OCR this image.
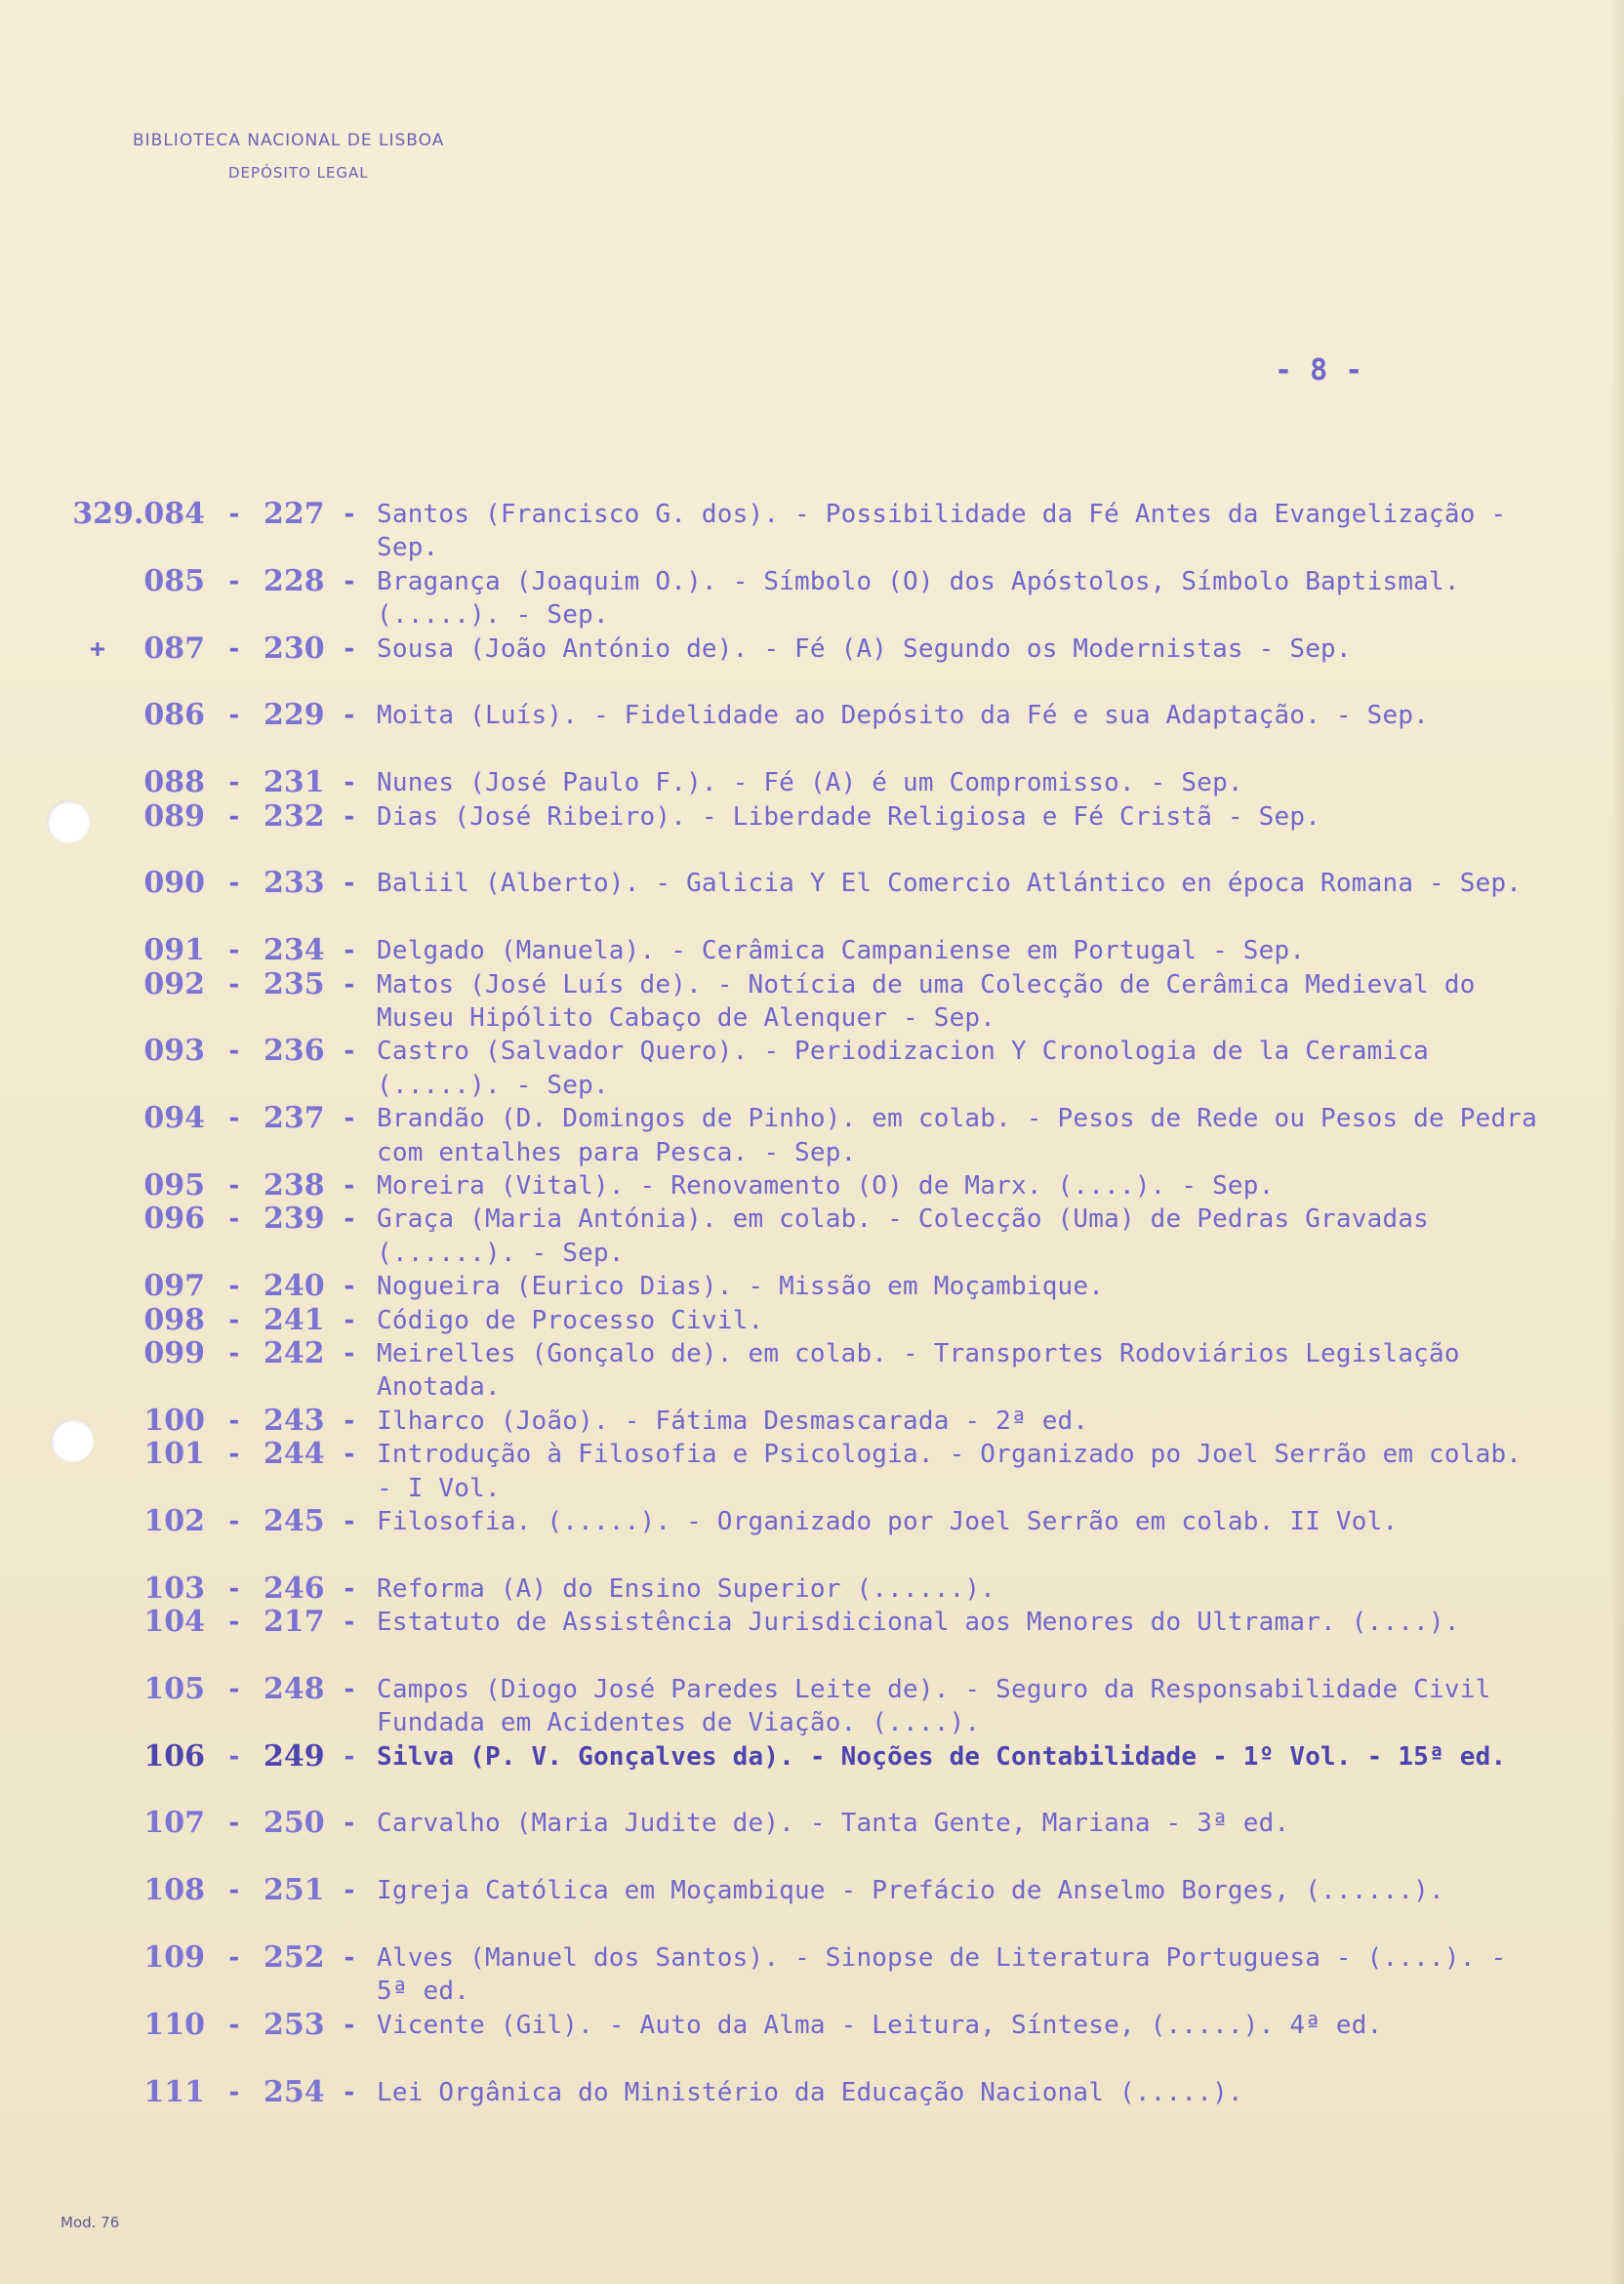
BIBLIOTECA NACIONAL DE LISBOA
DEPÓSITO LEGAL
- 8 -
329.084 - 227 - Santos (Francisco G. dos). - Possibilidade da Fé Antes da Evangelização - Sep.
085 - 228 - Bragança (Joaquim O.). - Símbolo (O) dos Apóstolos, Símbolo Baptismal. (.....). - Sep.
+ 087 - 230 - Sousa (João António de). - Fé (A) Segundo os Modernistas - Sep.
086 - 229 - Moita (Luís). - Fidelidade ao Depósito da Fé e sua Adaptação. - Sep.
088 - 231 - Nunes (José Paulo F.). - Fé (A) é um Compromisso. - Sep.
089 - 232 - Dias (José Ribeiro). - Liberdade Religiosa e Fé Cristã - Sep.
090 - 233 - Baliil (Alberto). - Galicia Y El Comercio Atlántico en época Romana - Sep.
091 - 234 - Delgado (Manuela). - Cerâmica Campaniense em Portugal - Sep.
092 - 235 - Matos (José Luís de). - Notícia de uma Colecção de Cerâmica Medieval do Museu Hipólito Cabaço de Alenquer - Sep.
093 - 236 - Castro (Salvador Quero). - Periodizacion Y Cronologia de la Ceramica (.....). - Sep.
094 - 237 - Brandão (D. Domingos de Pinho). em colab. - Pesos de Rede ou Pesos de Pedra com entalhes para Pesca. - Sep.
095 - 238 - Moreira (Vital). - Renovamento (O) de Marx. (....). - Sep.
096 - 239 - Graça (Maria Antónia). em colab. - Colecção (Uma) de Pedras Gravadas (......). - Sep.
097 - 240 - Nogueira (Eurico Dias). - Missão em Moçambique.
098 - 241 - Código de Processo Civil.
099 - 242 - Meirelles (Gonçalo de). em colab. - Transportes Rodoviários Legislação Anotada.
100 - 243 - Ilharco (João). - Fátima Desmascarada - 2ª ed.
101 - 244 - Introdução à Filosofia e Psicologia. - Organizado po Joel Serrão em colab. - I Vol.
102 - 245 - Filosofia. (.....). - Organizado por Joel Serrão em colab. II Vol.
103 - 246 - Reforma (A) do Ensino Superior (......).
104 - 217 - Estatuto de Assistência Jurisdicional aos Menores do Ultramar. (....).
105 - 248 - Campos (Diogo José Paredes Leite de). - Seguro da Responsabilidade Civil Fundada em Acidentes de Viação. (....).
106 - 249 - Silva (P. V. Gonçalves da). - Noções de Contabilidade - 1º Vol. - 15ª ed.
107 - 250 - Carvalho (Maria Judite de). - Tanta Gente, Mariana - 3ª ed.
108 - 251 - Igreja Católica em Moçambique - Prefácio de Anselmo Borges, (......).
109 - 252 - Alves (Manuel dos Santos). - Sinopse de Literatura Portuguesa - (....). - 5ª ed.
110 - 253 - Vicente (Gil). - Auto da Alma - Leitura, Síntese, (.....). 4ª ed.
111 - 254 - Lei Orgânica do Ministério da Educação Nacional (.....).
Mod. 76
